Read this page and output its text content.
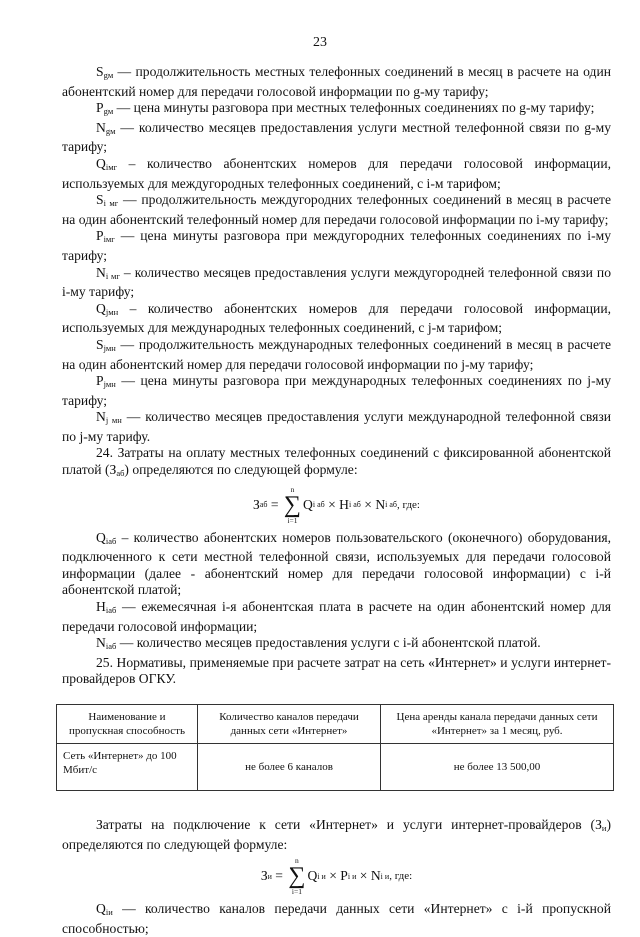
23

$S_{gм}$ — продолжительность местных телефонных соединений в месяц в расчете на один абонентский номер для передачи голосовой информации по g-му тарифу;

$P_{gм}$ — цена минуты разговора при местных телефонных соединениях по g-му тарифу;

$N_{gм}$ — количество месяцев предоставления услуги местной телефонной связи по g-му тарифу;

$Q_{iмг}$ – количество абонентских номеров для передачи голосовой информации, используемых для междугородных телефонных соединений, с i-м тарифом;

$S_{i мг}$ — продолжительность междугородних телефонных соединений в месяц в расчете на один абонентский телефонный номер для передачи голосовой информации по i-му тарифу;

$P_{iмг}$ — цена минуты разговора при междугородних телефонных соединениях по i-му тарифу;

$N_{i мг}$ – количество месяцев предоставления услуги междугородней телефонной связи по i-му тарифу;

$Q_{jмн}$ – количество абонентских номеров для передачи голосовой информации, используемых для международных телефонных соединений, с j-м тарифом;

$S_{jмн}$ — продолжительность международных телефонных соединений в месяц в расчете на один абонентский номер для передачи голосовой информации по j-му тарифу;

$P_{jмн}$ — цена минуты разговора при международных телефонных соединениях по j-му тарифу;

$N_{j мн}$ — количество месяцев предоставления услуги международной телефонной связи по j-му тарифу.

24. Затраты на оплату местных телефонных соединений с фиксированной абонентской платой $(З_{аб})$ определяются по следующей формуле:

З аб =
n
∑
i=1
Q i аб × H i аб × N i аб , где:

$Q_{iаб}$ – количество абонентских номеров пользовательского (оконечного) оборудования, подключенного к сети местной телефонной связи, используемых для передачи голосовой информации (далее - абонентский номер для передачи голосовой информации) с i-й абонентской платой;

$H_{iаб}$ — ежемесячная i-я абонентская плата в расчете на один абонентский номер для передачи голосовой информации;

$N_{iаб}$ — количество месяцев предоставления услуги с i-й абонентской платой.

25. Нормативы, применяемые при расчете затрат на сеть «Интернет» и услуги интернет-провайдеров ОГКУ.

Наименование и пропускная способность	Количество каналов передачи данных сети «Интернет»	Цена аренды канала передачи данных сети «Интернет» за 1 месяц, руб.
Сеть «Интернет» до 100 Мбит/с	не более 6 каналов	не более 13 500,00

Затраты на подключение к сети «Интернет» и услуги интернет-провайдеров $(З_и)$ определяются по следующей формуле:

З и =
n
∑
i=1
Q i и × P i и × N i и , где:

$Q_{iи}$ — количество каналов передачи данных сети «Интернет» с i-й пропускной способностью;
